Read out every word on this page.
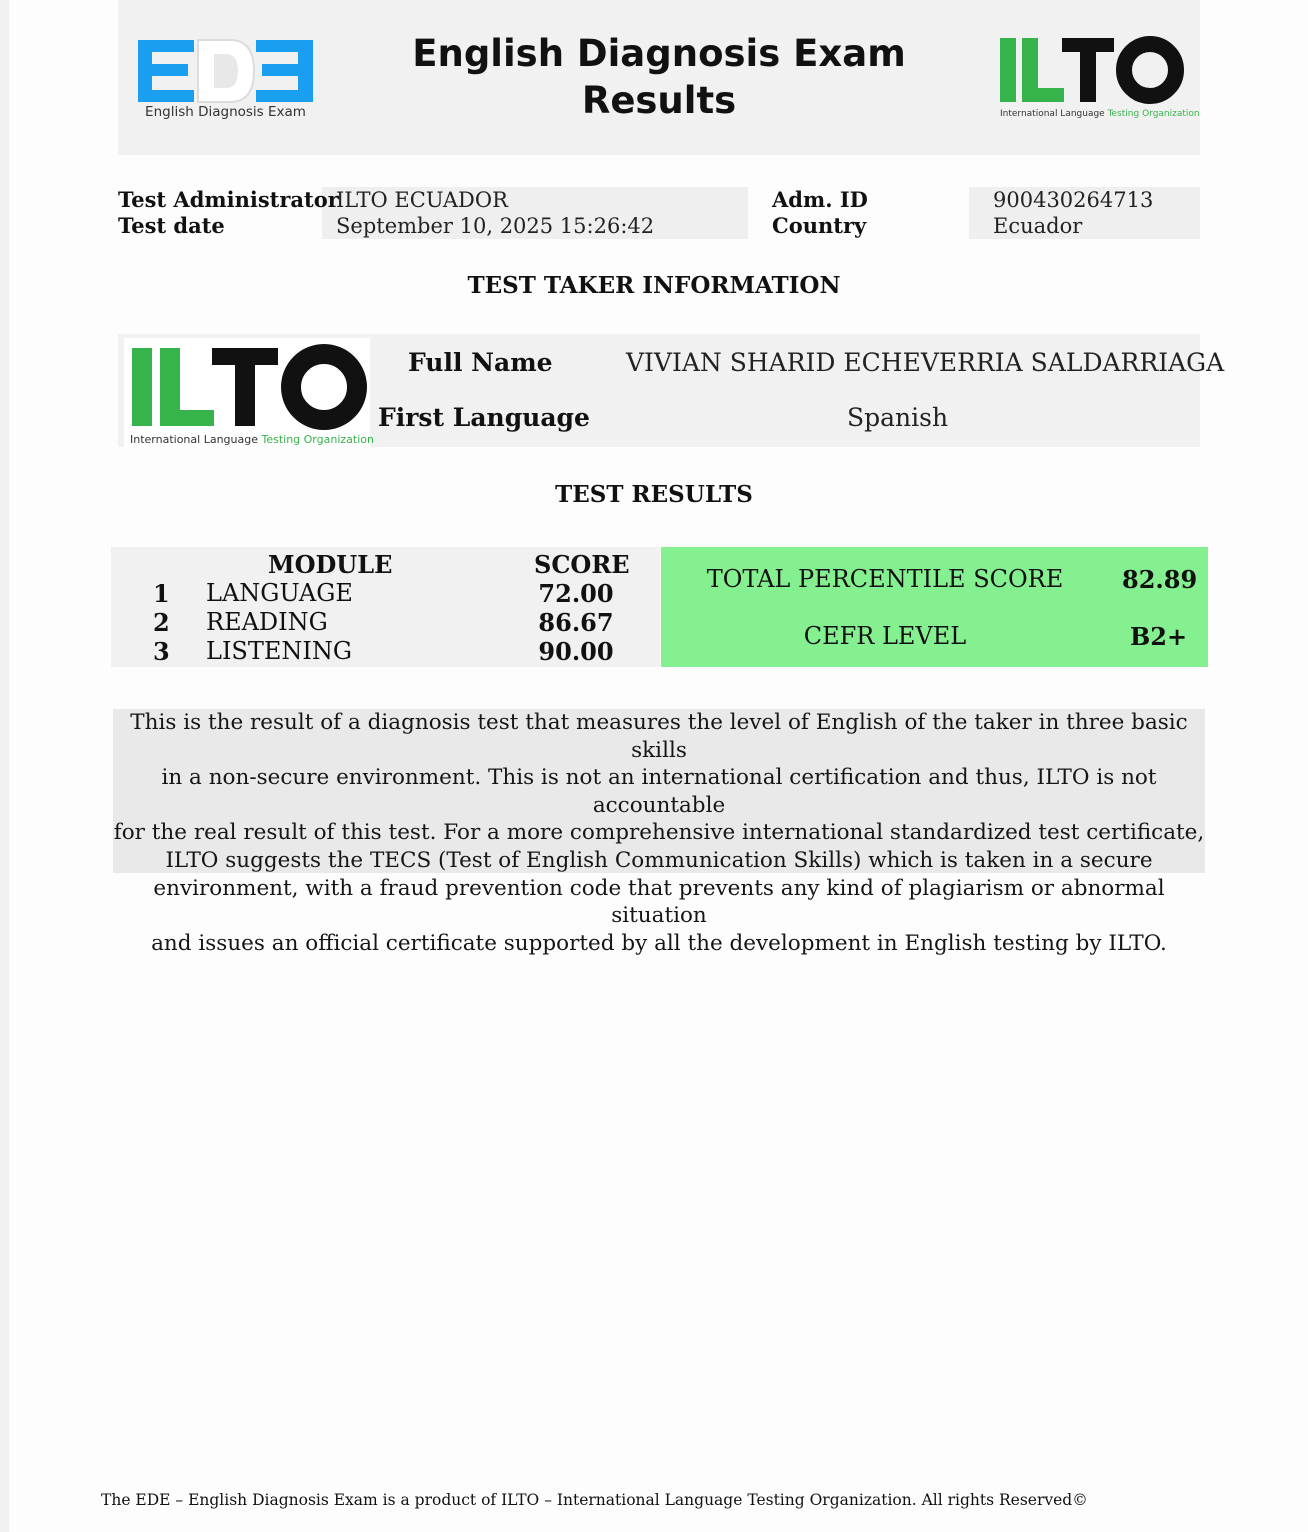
English Diagnosis Exam
English Diagnosis Exam
Results	International Language Testing Organization
Test Administrator
ILTO ECUADOR
Test date	September 10, 2025 15:26:42
Adm. ID	900430264713
Country	Ecuador
TEST TAKER INFORMATION
International Language Testing Organization
Full Name	VIVIAN SHARID ECHEVERRIA SALDARRIAGA
First Language	Spanish
TEST RESULTS
MODULE	SCORE
1 LANGUAGE	72.00
2 READING	86.67
3 LISTENING	90.00
TOTAL PERCENTILE SCORE	82.89
CEFR LEVEL	B2+
This is the result of a diagnosis test that measures the level of English of the taker in three basic skills
in a non-secure environment. This is not an international certification and thus, ILTO is not accountable
for the real result of this test. For a more comprehensive international standardized test certificate,
ILTO suggests the TECS (Test of English Communication Skills) which is taken in a secure
environment, with a fraud prevention code that prevents any kind of plagiarism or abnormal situation
and issues an official certificate supported by all the development in English testing by ILTO.
The EDE – English Diagnosis Exam is a product of ILTO – International Language Testing Organization. All rights Reserved©
